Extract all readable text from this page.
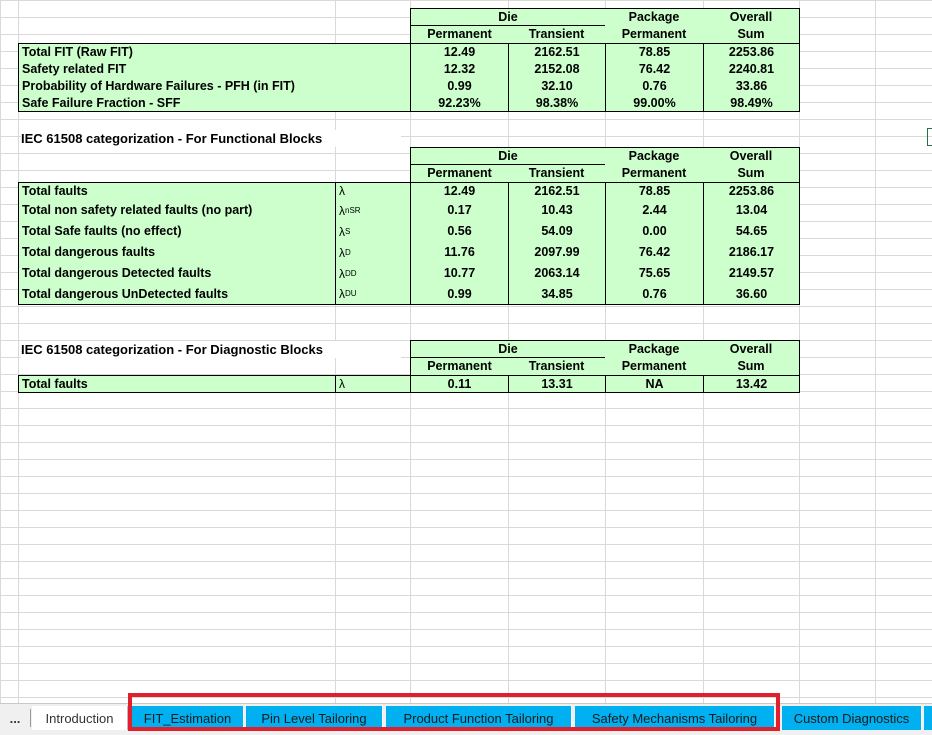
Die	Package	Overall
Permanent	Transient	Permanent	Sum
Total FIT (Raw FIT)	12.49	2162.51	78.85	2253.86
Safety related FIT	12.32	2152.08	76.42	2240.81
Probability of Hardware Failures - PFH (in FIT)	0.99	32.10	0.76	33.86
Safe Failure Fraction - SFF	92.23%	98.38%	99.00%	98.49%
IEC 61508 categorization - For Functional Blocks
Die	Package	Overall
Permanent	Transient	Permanent	Sum
Total faults	λ	12.49	2162.51	78.85	2253.86
Total non safety related faults (no part)	λ nSR	0.17	10.43	2.44	13.04
Total Safe faults (no effect)	λ S	0.56	54.09	0.00	54.65
Total dangerous faults	λ D	11.76	2097.99	76.42	2186.17
Total dangerous Detected faults	λ DD	10.77	2063.14	75.65	2149.57
Total dangerous UnDetected faults	λ DU	0.99	34.85	0.76	36.60
IEC 61508 categorization - For Diagnostic Blocks	Die	Package	Overall
Permanent	Transient	Permanent	Sum
Total faults	λ	0.11	13.31	NA	13.42
...	Introduction	FIT_Estimation	Pin Level Tailoring	Product Function Tailoring	Safety Mechanisms Tailoring	Custom Diagnostics
